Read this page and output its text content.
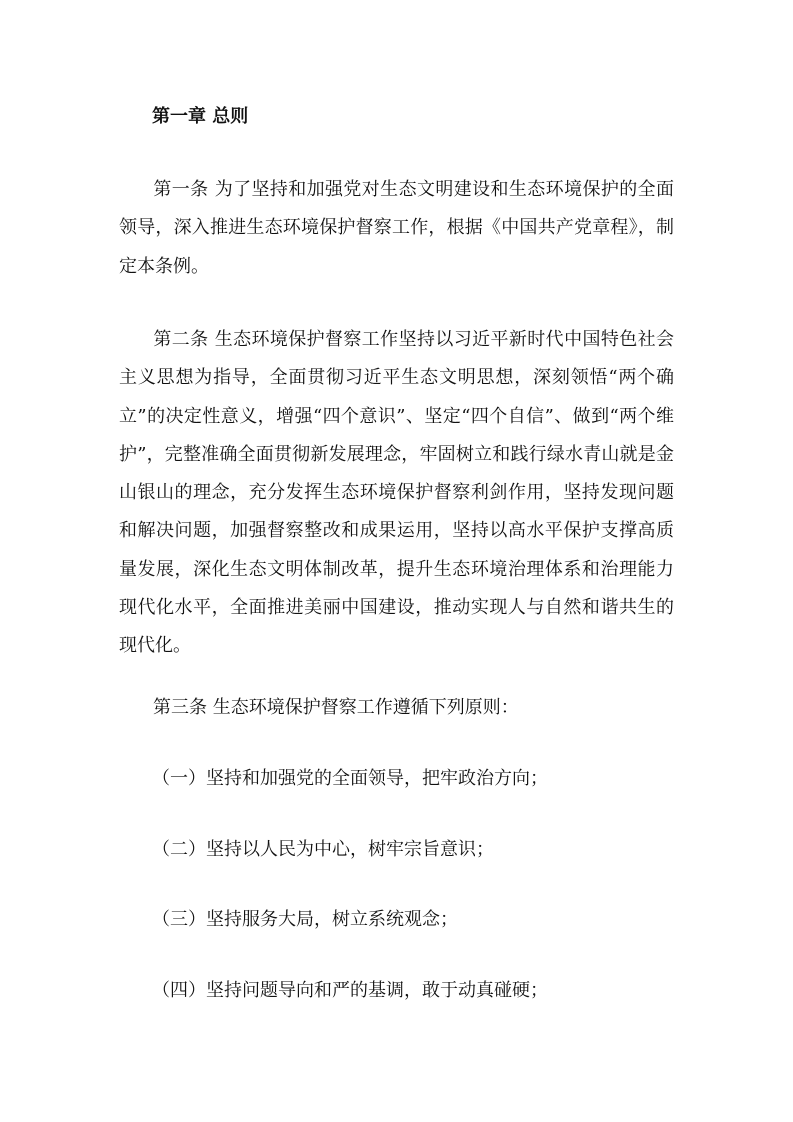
第一章 总则

第一条 为了坚持和加强党对生态文明建设和生态环境保护的全面领导，深入推进生态环境保护督察工作，根据《中国共产党章程》，制定本条例。

第二条 生态环境保护督察工作坚持以习近平新时代中国特色社会主义思想为指导，全面贯彻习近平生态文明思想，深刻领悟“两个确立”的决定性意义，增强“四个意识”、坚定“四个自信”、做到“两个维护”，完整准确全面贯彻新发展理念，牢固树立和践行绿水青山就是金山银山的理念，充分发挥生态环境保护督察利剑作用，坚持发现问题和解决问题，加强督察整改和成果运用，坚持以高水平保护支撑高质量发展，深化生态文明体制改革，提升生态环境治理体系和治理能力现代化水平，全面推进美丽中国建设，推动实现人与自然和谐共生的现代化。

第三条 生态环境保护督察工作遵循下列原则：

（一）坚持和加强党的全面领导，把牢政治方向；

（二）坚持以人民为中心，树牢宗旨意识；

（三）坚持服务大局，树立系统观念；

（四）坚持问题导向和严的基调，敢于动真碰硬；
